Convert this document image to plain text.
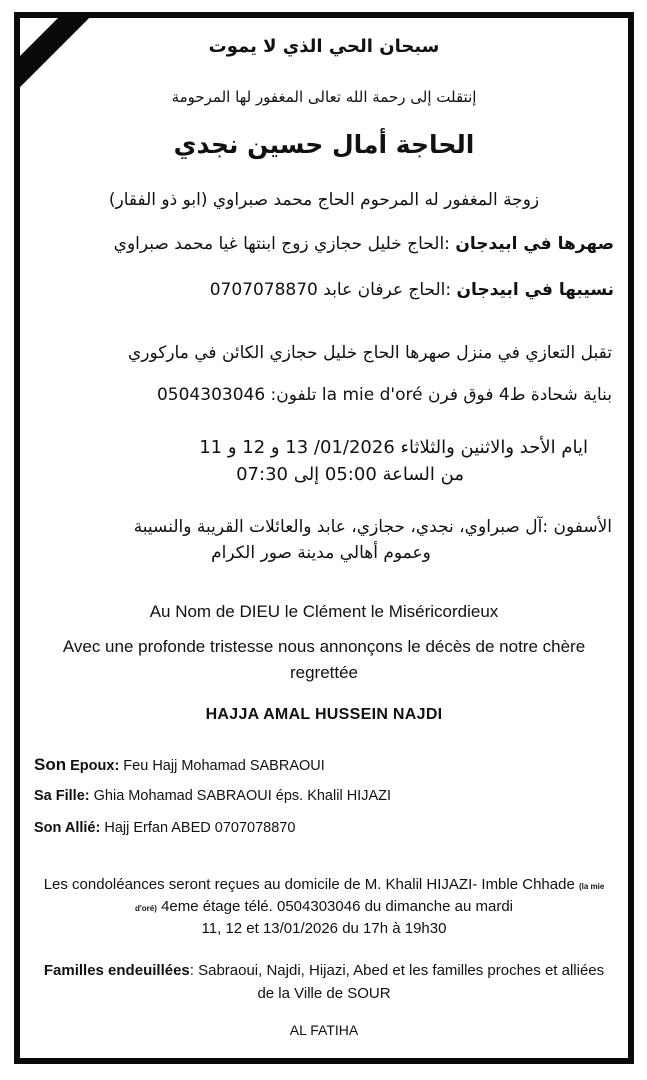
سبحان الحي الذي لا يموت
إنتقلت إلى رحمة الله تعالى المغفور لها المرحومة
الحاجة أمال حسين نجدي
زوجة المغفور له المرحوم الحاج محمد صبراوي (ابو ذو الفقار)
صهرها في ابيدجان :الحاج خليل حجازي زوج ابنتها غيا محمد صبراوي
نسيبها في ابيدجان :الحاج عرفان عابد 0707078870
تقبل التعازي في منزل صهرها الحاج خليل حجازي الكائن في ماركوري
بناية شحادة ط4 فوق فرن la mie d'oré تلفون: 0504303046
ايام الأحد والاثنين والثلاثاء 01/2026/ 13 و 12 و 11
من الساعة 05:00 إلى 07:30
الأسفون :آل صبراوي، نجدي، حجازي، عابد والعائلات القريبة والنسيبة
وعموم أهالي مدينة صور الكرام
Au Nom de DIEU le Clément le Miséricordieux
Avec une profonde tristesse nous annonçons le décès de notre chère regrettée
HAJJA AMAL HUSSEIN NAJDI
Son Epoux: Feu Hajj Mohamad SABRAOUI
Sa Fille: Ghia Mohamad SABRAOUI éps. Khalil HIJAZI
Son Allié: Hajj Erfan ABED 0707078870
Les condoléances seront reçues au domicile de M. Khalil HIJAZI- Imble Chhade (la mie d'oré) 4eme étage télé. 0504303046 du dimanche au mardi
11, 12 et 13/01/2026 du 17h à 19h30
Familles endeuillées: Sabraoui, Najdi, Hijazi, Abed et les familles proches et alliées de la Ville de SOUR
AL FATIHA
